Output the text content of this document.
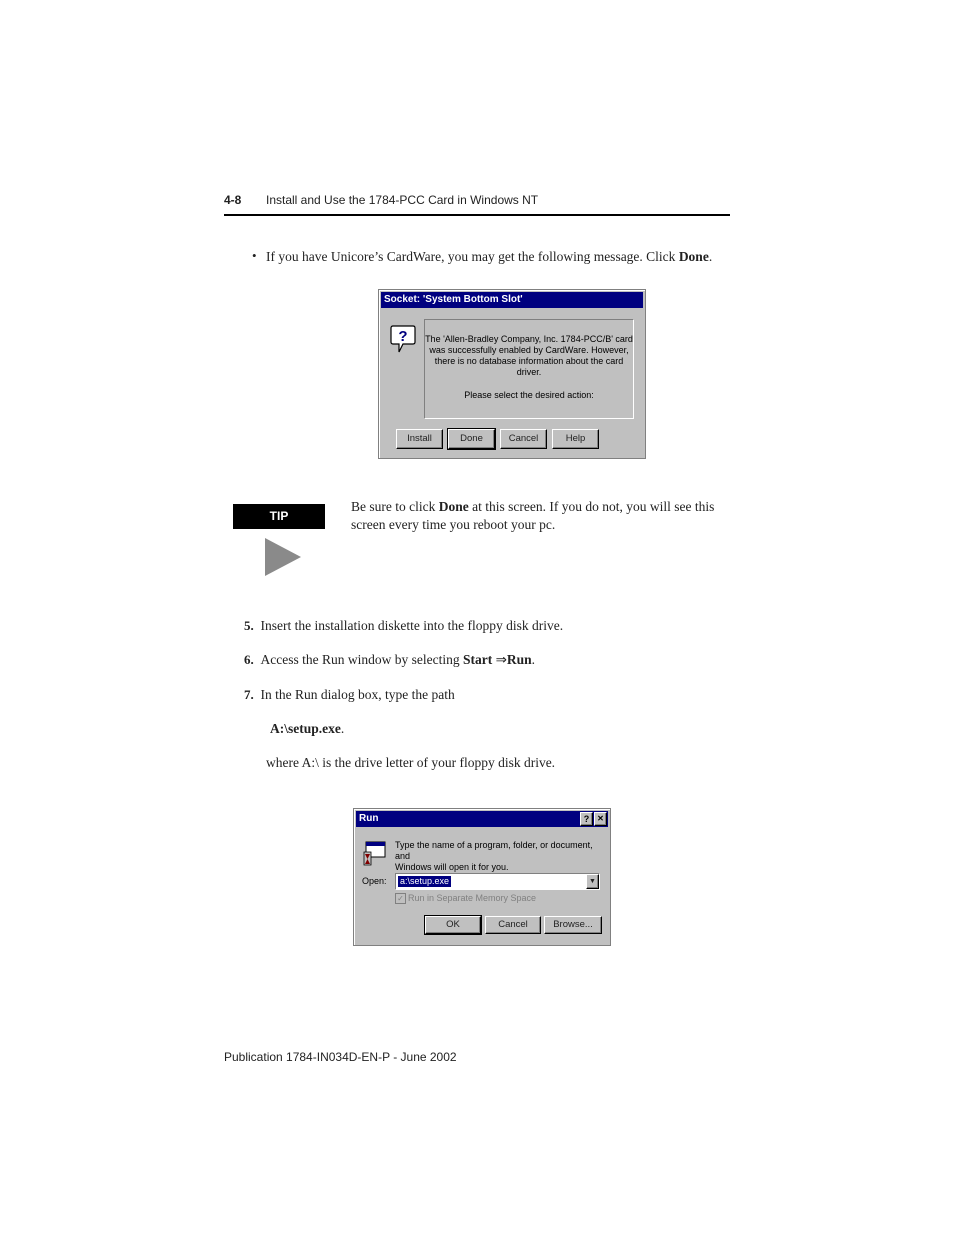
4-8 Install and Use the 1784-PCC Card in Windows NT
• If you have Unicore’s CardWare, you may get the following message. Click Done.
Socket: 'System Bottom Slot'
? The 'Allen-Bradley Company, Inc. 1784-PCC/B' card
was successfully enabled by CardWare. However,
there is no database information about the card driver.
Please select the desired action:
Install	Done	Cancel	Help
TIP
Be sure to click Done at this screen. If you do not, you will see this screen every time you reboot your pc.
5. Insert the installation diskette into the floppy disk drive.
6. Access the Run window by selecting Start ⇒Run.
7. In the Run dialog box, type the path
A:\setup.exe.
where A:\ is the drive letter of your floppy disk drive.
Run	? ✕
Type the name of a program, folder, or document, and
Windows will open it for you.
Open: a:\setup.exe	▼
✓ Run in Separate Memory Space
OK	Cancel	Browse...
Publication 1784-IN034D-EN-P - June 2002
